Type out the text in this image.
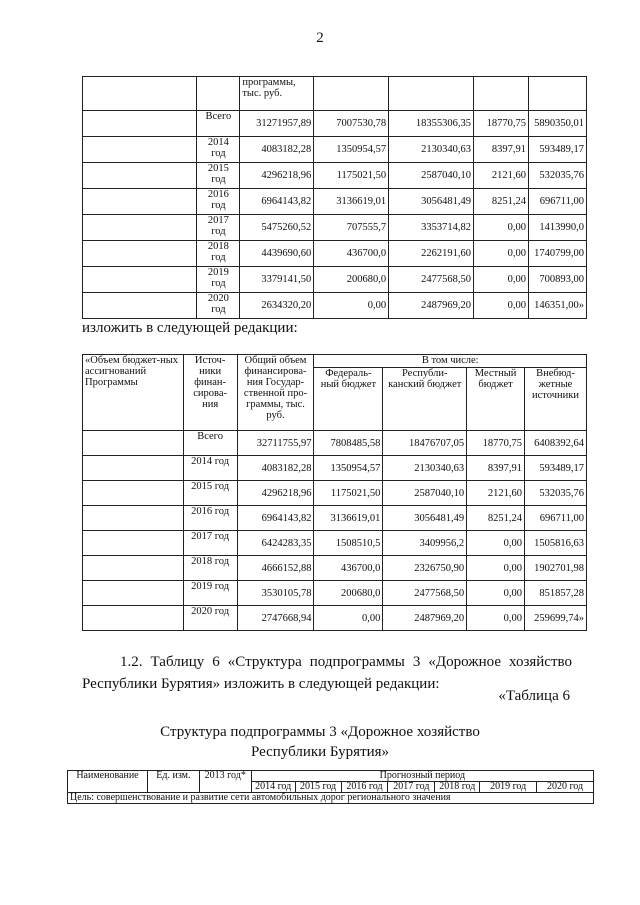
2
		программы, тыс. руб.				
	Всего	31271957,89	7007530,78	18355306,35	18770,75	5890350,01
	2014 год	4083182,28	1350954,57	2130340,63	8397,91	593489,17
	2015 год	4296218,96	1175021,50	2587040,10	2121,60	532035,76
	2016 год	6964143,82	3136619,01	3056481,49	8251,24	696711,00
	2017 год	5475260,52	707555,7	3353714,82	0,00	1413990,0
	2018 год	4439690,60	436700,0	2262191,60	0,00	1740799,00
	2019 год	3379141,50	200680,0	2477568,50	0,00	700893,00
	2020 год	2634320,20	0,00	2487969,20	0,00	146351,00»
изложить в следующей редакции:
«Объем бюджет-ных ассигнований Программы	Источ-ники финан-сирова-ния	Общий объем финансирова-ния Государ-ственной про-граммы, тыс. руб.	В том числе:			
			Федераль-ный бюджет	Республи-канский бюджет	Местный бюджет	Внебюд-жетные источники
	Всего	32711755,97	7808485,58	18476707,05	18770,75	6408392,64
	2014 год	4083182,28	1350954,57	2130340,63	8397,91	593489,17
	2015 год	4296218,96	1175021,50	2587040,10	2121,60	532035,76
	2016 год	6964143,82	3136619,01	3056481,49	8251,24	696711,00
	2017 год	6424283,35	1508510,5	3409956,2	0,00	1505816,63
	2018 год	4666152,88	436700,0	2326750,90	0,00	1902701,98
	2019 год	3530105,78	200680,0	2477568,50	0,00	851857,28
	2020 год	2747668,94	0,00	2487969,20	0,00	259699,74»
1.2. Таблицу 6 «Структура подпрограммы 3 «Дорожное хозяйство Республики Бурятия» изложить в следующей редакции:
«Таблица 6
Структура подпрограммы 3 «Дорожное хозяйство
Республики Бурятия»
Наименование	Ед. изм.	2013 год*	Прогнозный период						
			2014 год	2015 год	2016 год	2017 год	2018 год	2019 год	2020 год
Цель: совершенствование и развитие сети автомобильных дорог регионального значения									
